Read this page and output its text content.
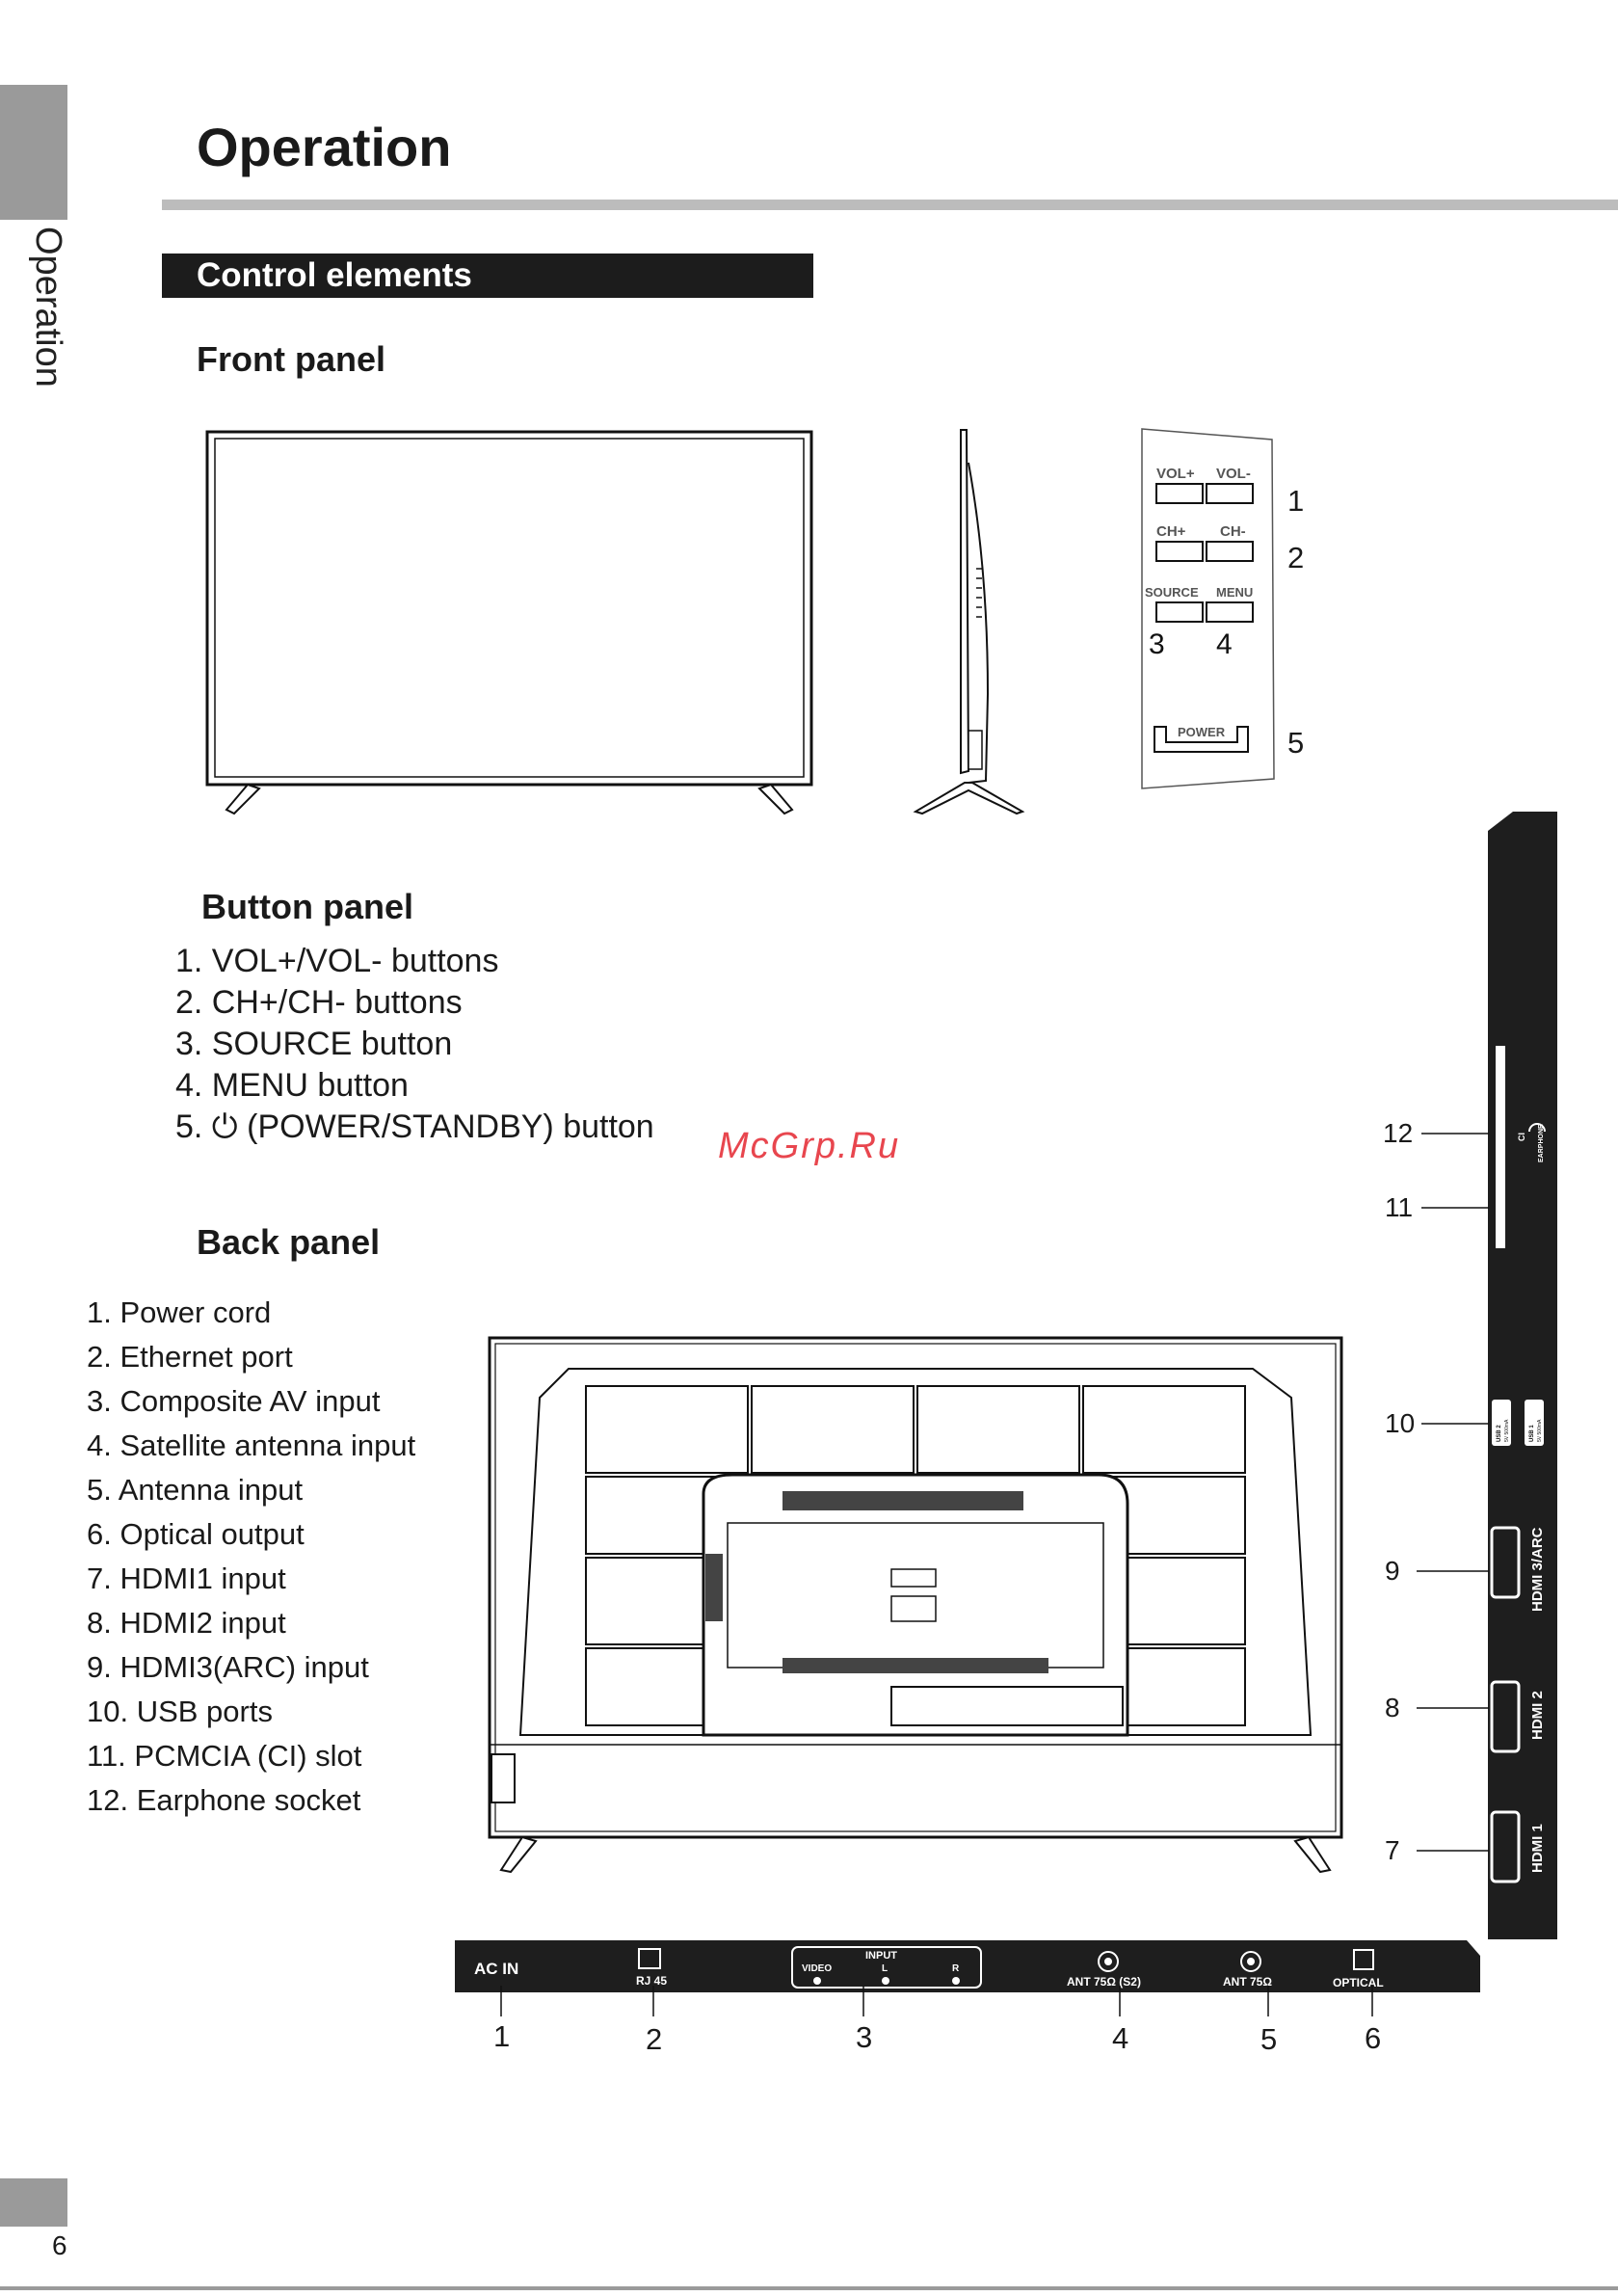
Operation
Operation
Control elements
Front panel
VOL+ VOL-
CH+ CH-
SOURCE MENU
POWER
3 4
1
2
5
Button panel
1. VOL+/VOL- buttons
2. CH+/CH- buttons
3. SOURCE button
4. MENU button
5. ⏻ (POWER/STANDBY) button McGrp.Ru
Back panel
1. Power cord
2. Ethernet port
3. Composite AV input
4. Satellite antenna input
5. Antenna input
6. Optical output
7. HDMI1 input
8. HDMI2 input
9. HDMI3(ARC) input
10. USB ports
11. PCMCIA (CI) slot
12. Earphone socket
AC IN
RJ 45
INPUT
VIDEO	L	R
ANT 75Ω (S2)	ANT 75Ω	OPTICAL
1	2	3	4	5	6
CI EARPHONE
USB 2 5V 500mA	USB 1 5V 500mA
HDMI 3/ARC
HDMI 2
HDMI 1
12
11
10
9
8
7
6
